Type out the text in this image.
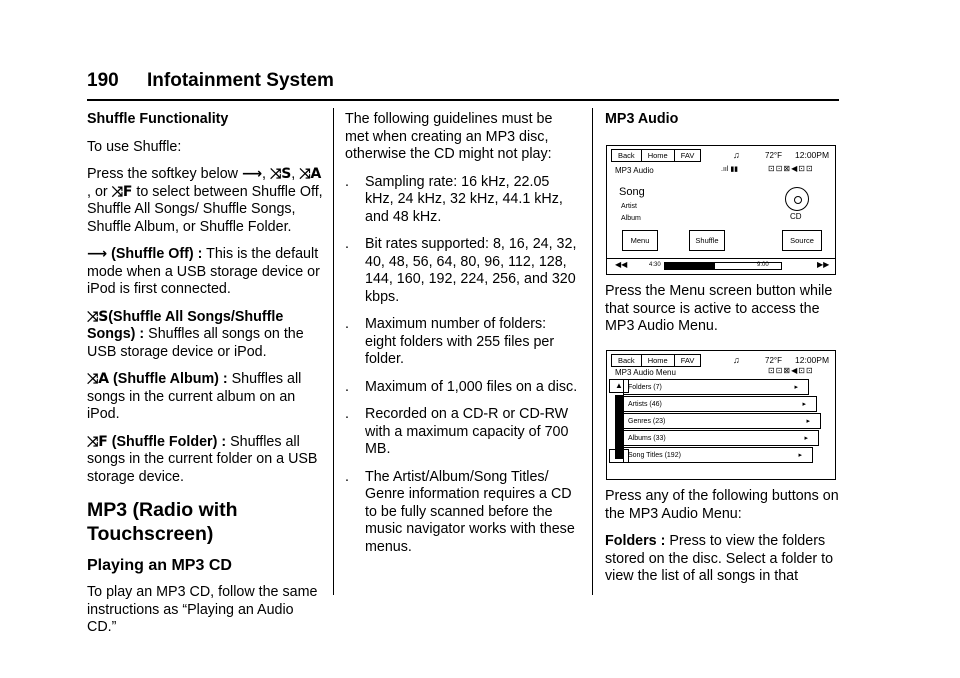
190 Infotainment System

Shuffle Functionality

To use Shuffle:

Press the softkey below ⟶, ⤨S, ⤨A , or ⤨F to select between Shuffle Off, Shuffle All Songs/ Shuffle Songs, Shuffle Album, or Shuffle Folder.

⟶ (Shuffle Off) : This is the default mode when a USB storage device or iPod is first connected.

⤨S(Shuffle All Songs/Shuffle Songs) : Shuffles all songs on the USB storage device or iPod.

⤨A (Shuffle Album) : Shuffles all songs in the current album on an iPod.

⤨F (Shuffle Folder) : Shuffles all songs in the current folder on a USB storage device.

MP3 (Radio with Touchscreen)
Playing an MP3 CD

To play an MP3 CD, follow the same instructions as “Playing an Audio CD.”

The following guidelines must be met when creating an MP3 disc, otherwise the CD might not play:

.	Sampling rate: 16 kHz, 22.05 kHz, 24 kHz, 32 kHz, 44.1 kHz, and 48 kHz.
.	Bit rates supported: 8, 16, 24, 32, 40, 48, 56, 64, 80, 96, 112, 128, 144, 160, 192, 224, 256, and 320 kbps.
.	Maximum number of folders: eight folders with 255 files per folder.
.	Maximum of 1,000 files on a disc.
.	Recorded on a CD-R or CD-RW with a maximum capacity of 700 MB.
.	The Artist/Album/Song Titles/ Genre information requires a CD to be fully scanned before the music navigator works with these menus.

MP3 Audio

Back	Home	FAV	♫	72°F 12:00PM
MP3 Audio	.ııl ▮▮	⊡⊡⊠◀⊡⊡
Song
Artist
Album	CD
Menu	Shuffle	Source
◀◀	4:30	9:00	▶▶
Press the Menu screen button while that source is active to access the MP3 Audio Menu.
Back	Home	FAV	♫	72°F 12:00PM
MP3 Audio Menu	⊡⊡⊠◀⊡⊡
▲
▼
Folders (7)	▸
Artists (46)	▸
Genres (23)	▸
Albums (33)	▸
Song Titles (192)	▸

Press any of the following buttons on the MP3 Audio Menu:

Folders : Press to view the folders stored on the disc. Select a folder to view the list of all songs in that
